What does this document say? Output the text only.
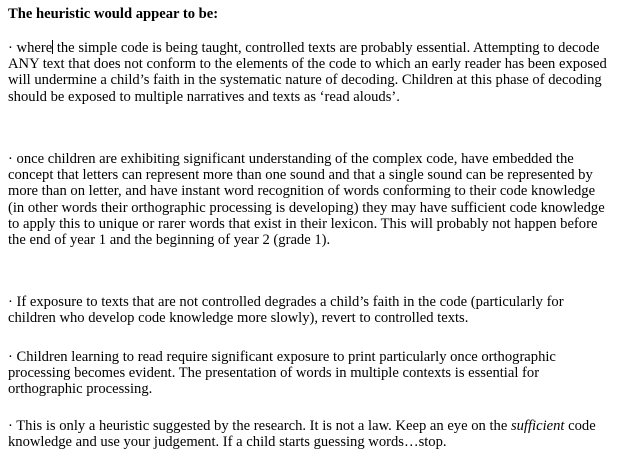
The heuristic would appear to be:

· where the simple code is being taught, controlled texts are probably essential. Attempting to decode ANY text that does not conform to the elements of the code to which an early reader has been exposed will undermine a child’s faith in the systematic nature of decoding. Children at this phase of decoding should be exposed to multiple narratives and texts as ‘read alouds’.

· once children are exhibiting significant understanding of the complex code, have embedded the concept that letters can represent more than one sound and that a single sound can be represented by more than on letter, and have instant word recognition of words conforming to their code knowledge (in other words their orthographic processing is developing) they may have sufficient code knowledge to apply this to unique or rarer words that exist in their lexicon. This will probably not happen before the end of year 1 and the beginning of year 2 (grade 1).

· If exposure to texts that are not controlled degrades a child’s faith in the code (particularly for children who develop code knowledge more slowly), revert to controlled texts.

· Children learning to read require significant exposure to print particularly once orthographic processing becomes evident. The presentation of words in multiple contexts is essential for orthographic processing.

· This is only a heuristic suggested by the research. It is not a law. Keep an eye on the sufficient code knowledge and use your judgement. If a child starts guessing words…stop.
